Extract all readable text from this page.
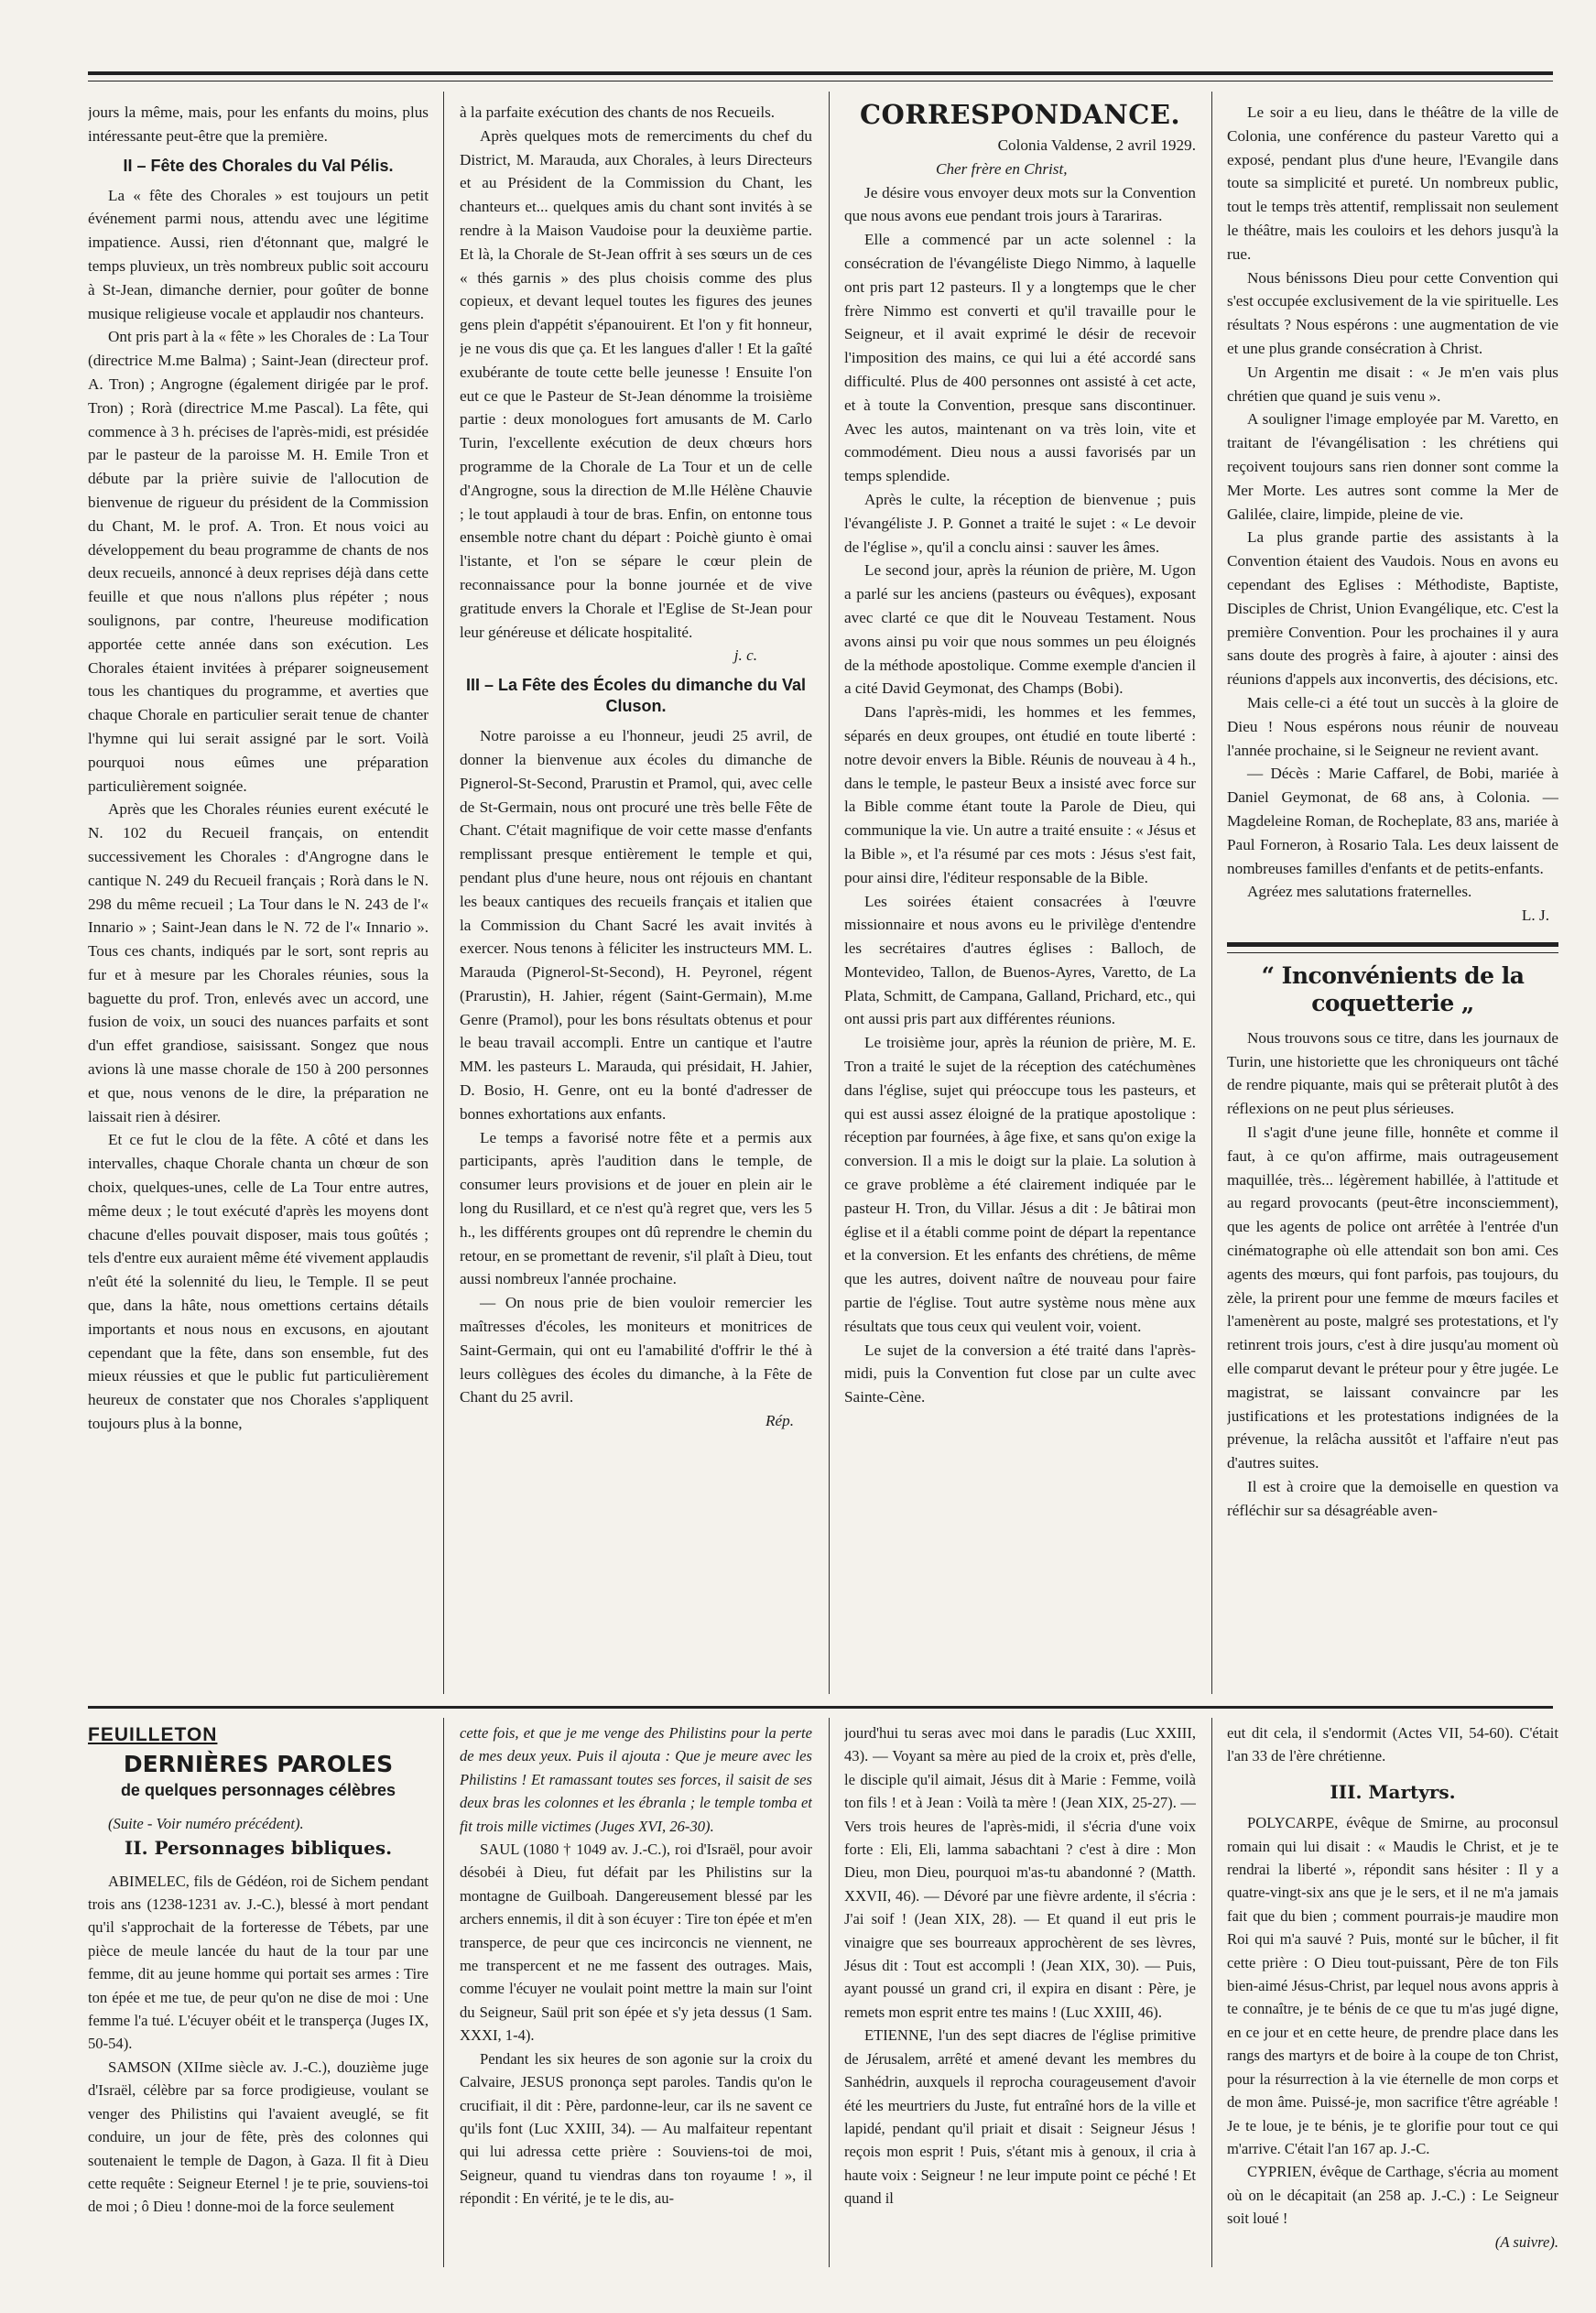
jours la même, mais, pour les enfants du moins, plus intéressante peut-être que la première.

II – Fête des Chorales du Val Pélis.

La « fête des Chorales » est toujours un petit événement parmi nous, attendu avec une légitime impatience. Aussi, rien d'étonnant que, malgré le temps pluvieux, un très nombreux public soit accouru à St-Jean, dimanche dernier, pour goûter de bonne musique religieuse vocale et applaudir nos chanteurs.

Ont pris part à la « fête » les Chorales de : La Tour (directrice M.me Balma) ; Saint-Jean (directeur prof. A. Tron) ; Angrogne (également dirigée par le prof. Tron) ; Rorà (directrice M.me Pascal). La fête, qui commence à 3 h. précises de l'après-midi, est présidée par le pasteur de la paroisse M. H. Emile Tron et débute par la prière suivie de l'allocution de bienvenue de rigueur du président de la Commission du Chant, M. le prof. A. Tron. Et nous voici au développement du beau programme de chants de nos deux recueils, annoncé à deux reprises déjà dans cette feuille et que nous n'allons plus répéter ; nous soulignons, par contre, l'heureuse modification apportée cette année dans son exécution. Les Chorales étaient invitées à préparer soigneusement tous les chantiques du programme, et averties que chaque Chorale en particulier serait tenue de chanter l'hymne qui lui serait assigné par le sort. Voilà pourquoi nous eûmes une préparation particulièrement soignée.

Après que les Chorales réunies eurent exécuté le N. 102 du Recueil français, on entendit successivement les Chorales : d'Angrogne dans le cantique N. 249 du Recueil français ; Rorà dans le N. 298 du même recueil ; La Tour dans le N. 243 de l'« Innario » ; Saint-Jean dans le N. 72 de l'« Innario ». Tous ces chants, indiqués par le sort, sont repris au fur et à mesure par les Chorales réunies, sous la baguette du prof. Tron, enlevés avec un accord, une fusion de voix, un souci des nuances parfaits et sont d'un effet grandiose, saisissant. Songez que nous avions là une masse chorale de 150 à 200 personnes et que, nous venons de le dire, la préparation ne laissait rien à désirer.

Et ce fut le clou de la fête. A côté et dans les intervalles, chaque Chorale chanta un chœur de son choix, quelques-unes, celle de La Tour entre autres, même deux ; le tout exécuté d'après les moyens dont chacune d'elles pouvait disposer, mais tous goûtés ; tels d'entre eux auraient même été vivement applaudis n'eût été la solennité du lieu, le Temple. Il se peut que, dans la hâte, nous omettions certains détails importants et nous nous en excusons, en ajoutant cependant que la fête, dans son ensemble, fut des mieux réussies et que le public fut particulièrement heureux de constater que nos Chorales s'appliquent toujours plus à la bonne,

à la parfaite exécution des chants de nos Recueils.

Après quelques mots de remerciments du chef du District, M. Marauda, aux Chorales, à leurs Directeurs et au Président de la Commission du Chant, les chanteurs et... quelques amis du chant sont invités à se rendre à la Maison Vaudoise pour la deuxième partie. Et là, la Chorale de St-Jean offrit à ses sœurs un de ces « thés garnis » des plus choisis comme des plus copieux, et devant lequel toutes les figures des jeunes gens plein d'appétit s'épanouirent. Et l'on y fit honneur, je ne vous dis que ça. Et les langues d'aller ! Et la gaîté exubérante de toute cette belle jeunesse ! Ensuite l'on eut ce que le Pasteur de St-Jean dénomme la troisième partie : deux monologues fort amusants de M. Carlo Turin, l'excellente exécution de deux chœurs hors programme de la Chorale de La Tour et un de celle d'Angrogne, sous la direction de M.lle Hélène Chauvie ; le tout applaudi à tour de bras. Enfin, on entonne tous ensemble notre chant du départ : Poichè giunto è omai l'istante, et l'on se sépare le cœur plein de reconnaissance pour la bonne journée et de vive gratitude envers la Chorale et l'Eglise de St-Jean pour leur généreuse et délicate hospitalité.

j. c.

III – La Fête des Écoles du dimanche du Val Cluson.

Notre paroisse a eu l'honneur, jeudi 25 avril, de donner la bienvenue aux écoles du dimanche de Pignerol-St-Second, Prarustin et Pramol, qui, avec celle de St-Germain, nous ont procuré une très belle Fête de Chant. C'était magnifique de voir cette masse d'enfants remplissant presque entièrement le temple et qui, pendant plus d'une heure, nous ont réjouis en chantant les beaux cantiques des recueils français et italien que la Commission du Chant Sacré les avait invités à exercer. Nous tenons à féliciter les instructeurs MM. L. Marauda (Pignerol-St-Second), H. Peyronel, régent (Prarustin), H. Jahier, régent (Saint-Germain), M.me Genre (Pramol), pour les bons résultats obtenus et pour le beau travail accompli. Entre un cantique et l'autre MM. les pasteurs L. Marauda, qui présidait, H. Jahier, D. Bosio, H. Genre, ont eu la bonté d'adresser de bonnes exhortations aux enfants.

Le temps a favorisé notre fête et a permis aux participants, après l'audition dans le temple, de consumer leurs provisions et de jouer en plein air le long du Rusillard, et ce n'est qu'à regret que, vers les 5 h., les différents groupes ont dû reprendre le chemin du retour, en se promettant de revenir, s'il plaît à Dieu, tout aussi nombreux l'année prochaine.

— On nous prie de bien vouloir remercier les maîtresses d'écoles, les moniteurs et monitrices de Saint-Germain, qui ont eu l'amabilité d'offrir le thé à leurs collègues des écoles du dimanche, à la Fête de Chant du 25 avril.

Rép.

CORRESPONDANCE.

Colonia Valdense, 2 avril 1929.

Cher frère en Christ,

Je désire vous envoyer deux mots sur la Convention que nous avons eue pendant trois jours à Tarariras.

Elle a commencé par un acte solennel : la consécration de l'évangéliste Diego Nimmo, à laquelle ont pris part 12 pasteurs. Il y a longtemps que le cher frère Nimmo est converti et qu'il travaille pour le Seigneur, et il avait exprimé le désir de recevoir l'imposition des mains, ce qui lui a été accordé sans difficulté. Plus de 400 personnes ont assisté à cet acte, et à toute la Convention, presque sans discontinuer. Avec les autos, maintenant on va très loin, vite et commodément. Dieu nous a aussi favorisés par un temps splendide.

Après le culte, la réception de bienvenue ; puis l'évangéliste J. P. Gonnet a traité le sujet : « Le devoir de l'église », qu'il a conclu ainsi : sauver les âmes.

Le second jour, après la réunion de prière, M. Ugon a parlé sur les anciens (pasteurs ou évêques), exposant avec clarté ce que dit le Nouveau Testament. Nous avons ainsi pu voir que nous sommes un peu éloignés de la méthode apostolique. Comme exemple d'ancien il a cité David Geymonat, des Champs (Bobi).

Dans l'après-midi, les hommes et les femmes, séparés en deux groupes, ont étudié en toute liberté : notre devoir envers la Bible. Réunis de nouveau à 4 h., dans le temple, le pasteur Beux a insisté avec force sur la Bible comme étant toute la Parole de Dieu, qui communique la vie. Un autre a traité ensuite : « Jésus et la Bible », et l'a résumé par ces mots : Jésus s'est fait, pour ainsi dire, l'éditeur responsable de la Bible.

Les soirées étaient consacrées à l'œuvre missionnaire et nous avons eu le privilège d'entendre les secrétaires d'autres églises : Balloch, de Montevideo, Tallon, de Buenos-Ayres, Varetto, de La Plata, Schmitt, de Campana, Galland, Prichard, etc., qui ont aussi pris part aux différentes réunions.

Le troisième jour, après la réunion de prière, M. E. Tron a traité le sujet de la réception des catéchumènes dans l'église, sujet qui préoccupe tous les pasteurs, et qui est aussi assez éloigné de la pratique apostolique : réception par fournées, à âge fixe, et sans qu'on exige la conversion. Il a mis le doigt sur la plaie. La solution à ce grave problème a été clairement indiquée par le pasteur H. Tron, du Villar. Jésus a dit : Je bâtirai mon église et il a établi comme point de départ la repentance et la conversion. Et les enfants des chrétiens, de même que les autres, doivent naître de nouveau pour faire partie de l'église. Tout autre système nous mène aux résultats que tous ceux qui veulent voir, voient.

Le sujet de la conversion a été traité dans l'après-midi, puis la Convention fut close par un culte avec Sainte-Cène.

Le soir a eu lieu, dans le théâtre de la ville de Colonia, une conférence du pasteur Varetto qui a exposé, pendant plus d'une heure, l'Evangile dans toute sa simplicité et pureté. Un nombreux public, tout le temps très attentif, remplissait non seulement le théâtre, mais les couloirs et les dehors jusqu'à la rue.

Nous bénissons Dieu pour cette Convention qui s'est occupée exclusivement de la vie spirituelle. Les résultats ? Nous espérons : une augmentation de vie et une plus grande consécration à Christ.

Un Argentin me disait : « Je m'en vais plus chrétien que quand je suis venu ».

A souligner l'image employée par M. Varetto, en traitant de l'évangélisation : les chrétiens qui reçoivent toujours sans rien donner sont comme la Mer Morte. Les autres sont comme la Mer de Galilée, claire, limpide, pleine de vie.

La plus grande partie des assistants à la Convention étaient des Vaudois. Nous en avons eu cependant des Eglises : Méthodiste, Baptiste, Disciples de Christ, Union Evangélique, etc. C'est la première Convention. Pour les prochaines il y aura sans doute des progrès à faire, à ajouter : ainsi des réunions d'appels aux inconvertis, des décisions, etc.

Mais celle-ci a été tout un succès à la gloire de Dieu ! Nous espérons nous réunir de nouveau l'année prochaine, si le Seigneur ne revient avant.

— Décès : Marie Caffarel, de Bobi, mariée à Daniel Geymonat, de 68 ans, à Colonia. — Magdeleine Roman, de Rocheplate, 83 ans, mariée à Paul Forneron, à Rosario Tala. Les deux laissent de nombreuses familles d'enfants et de petits-enfants.

Agréez mes salutations fraternelles.

L. J.

“ Inconvénients de la coquetterie „

Nous trouvons sous ce titre, dans les journaux de Turin, une historiette que les chroniqueurs ont tâché de rendre piquante, mais qui se prêterait plutôt à des réflexions on ne peut plus sérieuses.

Il s'agit d'une jeune fille, honnête et comme il faut, à ce qu'on affirme, mais outrageusement maquillée, très... légèrement habillée, à l'attitude et au regard provocants (peut-être inconsciemment), que les agents de police ont arrêtée à l'entrée d'un cinématographe où elle attendait son bon ami. Ces agents des mœurs, qui font parfois, pas toujours, du zèle, la prirent pour une femme de mœurs faciles et l'amenèrent au poste, malgré ses protestations, et l'y retinrent trois jours, c'est à dire jusqu'au moment où elle comparut devant le préteur pour y être jugée. Le magistrat, se laissant convaincre par les justifications et les protestations indignées de la prévenue, la relâcha aussitôt et l'affaire n'eut pas d'autres suites.

Il est à croire que la demoiselle en question va réfléchir sur sa désagréable aven-

FEUILLETON
DERNIÈRES PAROLES
de quelques personnages célèbres

(Suite - Voir numéro précédent).

II. Personnages bibliques.

ABIMELEC, fils de Gédéon, roi de Sichem pendant trois ans (1238-1231 av. J.-C.), blessé à mort pendant qu'il s'approchait de la forteresse de Tébets, par une pièce de meule lancée du haut de la tour par une femme, dit au jeune homme qui portait ses armes : Tire ton épée et me tue, de peur qu'on ne dise de moi : Une femme l'a tué. L'écuyer obéit et le transperça (Juges IX, 50-54).

SAMSON (XIIme siècle av. J.-C.), douzième juge d'Israël, célèbre par sa force prodigieuse, voulant se venger des Philistins qui l'avaient aveuglé, se fit conduire, un jour de fête, près des colonnes qui soutenaient le temple de Dagon, à Gaza. Il fit à Dieu cette requête : Seigneur Eternel ! je te prie, souviens-toi de moi ; ô Dieu ! donne-moi de la force seulement

cette fois, et que je me venge des Philistins pour la perte de mes deux yeux. Puis il ajouta : Que je meure avec les Philistins ! Et ramassant toutes ses forces, il saisit de ses deux bras les colonnes et les ébranla ; le temple tomba et fit trois mille victimes (Juges XVI, 26-30).

SAUL (1080 † 1049 av. J.-C.), roi d'Israël, pour avoir désobéi à Dieu, fut défait par les Philistins sur la montagne de Guilboah. Dangereusement blessé par les archers ennemis, il dit à son écuyer : Tire ton épée et m'en transperce, de peur que ces incirconcis ne viennent, ne me transpercent et ne me fassent des outrages. Mais, comme l'écuyer ne voulait point mettre la main sur l'oint du Seigneur, Saül prit son épée et s'y jeta dessus (1 Sam. XXXI, 1-4).

Pendant les six heures de son agonie sur la croix du Calvaire, JESUS prononça sept paroles. Tandis qu'on le crucifiait, il dit : Père, pardonne-leur, car ils ne savent ce qu'ils font (Luc XXIII, 34). — Au malfaiteur repentant qui lui adressa cette prière : Souviens-toi de moi, Seigneur, quand tu viendras dans ton royaume ! », il répondit : En vérité, je te le dis, au-

jourd'hui tu seras avec moi dans le paradis (Luc XXIII, 43). — Voyant sa mère au pied de la croix et, près d'elle, le disciple qu'il aimait, Jésus dit à Marie : Femme, voilà ton fils ! et à Jean : Voilà ta mère ! (Jean XIX, 25-27). — Vers trois heures de l'après-midi, il s'écria d'une voix forte : Eli, Eli, lamma sabachtani ? c'est à dire : Mon Dieu, mon Dieu, pourquoi m'as-tu abandonné ? (Matth. XXVII, 46). — Dévoré par une fièvre ardente, il s'écria : J'ai soif ! (Jean XIX, 28). — Et quand il eut pris le vinaigre que ses bourreaux approchèrent de ses lèvres, Jésus dit : Tout est accompli ! (Jean XIX, 30). — Puis, ayant poussé un grand cri, il expira en disant : Père, je remets mon esprit entre tes mains ! (Luc XXIII, 46).

ETIENNE, l'un des sept diacres de l'église primitive de Jérusalem, arrêté et amené devant les membres du Sanhédrin, auxquels il reprocha courageusement d'avoir été les meurtriers du Juste, fut entraîné hors de la ville et lapidé, pendant qu'il priait et disait : Seigneur Jésus ! reçois mon esprit ! Puis, s'étant mis à genoux, il cria à haute voix : Seigneur ! ne leur impute point ce péché ! Et quand il

eut dit cela, il s'endormit (Actes VII, 54-60). C'était l'an 33 de l'ère chrétienne.

III. Martyrs.

POLYCARPE, évêque de Smirne, au proconsul romain qui lui disait : « Maudis le Christ, et je te rendrai la liberté », répondit sans hésiter : Il y a quatre-vingt-six ans que je le sers, et il ne m'a jamais fait que du bien ; comment pourrais-je maudire mon Roi qui m'a sauvé ? Puis, monté sur le bûcher, il fit cette prière : O Dieu tout-puissant, Père de ton Fils bien-aimé Jésus-Christ, par lequel nous avons appris à te connaître, je te bénis de ce que tu m'as jugé digne, en ce jour et en cette heure, de prendre place dans les rangs des martyrs et de boire à la coupe de ton Christ, pour la résurrection à la vie éternelle de mon corps et de mon âme. Puissé-je, mon sacrifice t'être agréable ! Je te loue, je te bénis, je te glorifie pour tout ce qui m'arrive. C'était l'an 167 ap. J.-C.

CYPRIEN, évêque de Carthage, s'écria au moment où on le décapitait (an 258 ap. J.-C.) : Le Seigneur soit loué !

(A suivre).
